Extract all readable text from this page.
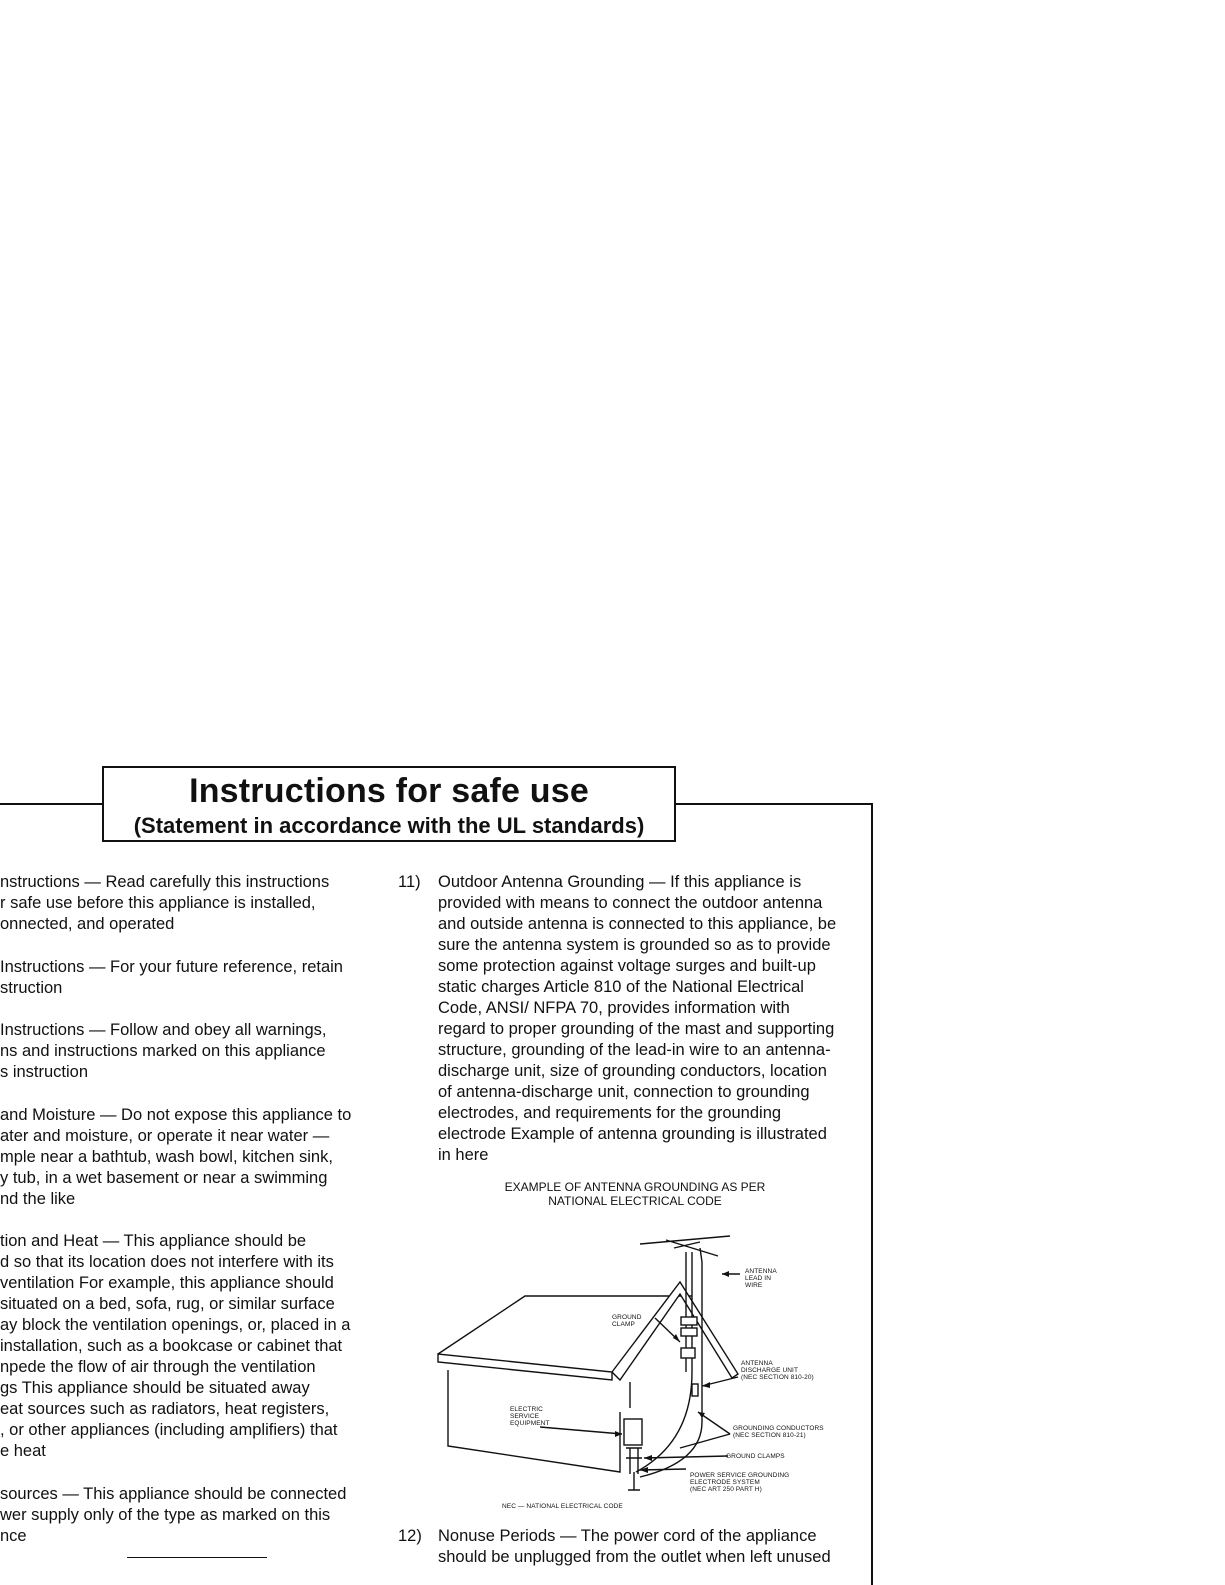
Instructions for safe use
(Statement in accordance with the UL standards)
nstructions — Read carefully this instructions
r safe use before this appliance is installed,
onnected, and operated
Instructions — For your future reference, retain
struction
Instructions — Follow and obey all warnings,
ns and instructions marked on this appliance
s instruction
and Moisture — Do not expose this appliance to
ater and moisture, or operate it near water —
mple near a bathtub, wash bowl, kitchen sink,
y tub, in a wet basement or near a swimming
nd the like
tion and Heat — This appliance should be
d so that its location does not interfere with its
ventilation For example, this appliance should
situated on a bed, sofa, rug, or similar surface
ay block the ventilation openings, or, placed in a
installation, such as a bookcase or cabinet that
npede the flow of air through the ventilation
gs This appliance should be situated away
eat sources such as radiators, heat registers,
, or other appliances (including amplifiers) that
e heat
sources — This appliance should be connected
wer supply only of the type as marked on this
nce
11) Outdoor Antenna Grounding — If this appliance is
provided with means to connect the outdoor antenna
and outside antenna is connected to this appliance, be
sure the antenna system is grounded so as to provide
some protection against voltage surges and built-up
static charges Article 810 of the National Electrical
Code, ANSI/ NFPA 70, provides information with
regard to proper grounding of the mast and supporting
structure, grounding of the lead-in wire to an antenna-
discharge unit, size of grounding conductors, location
of antenna-discharge unit, connection to grounding
electrodes, and requirements for the grounding
electrode Example of antenna grounding is illustrated
in here
EXAMPLE OF ANTENNA GROUNDING AS PER
NATIONAL ELECTRICAL CODE
ANTENNA
LEAD IN
WIRE
GROUND
CLAMP
ANTENNA
DISCHARGE UNIT
(NEC SECTION 810-20)
ELECTRIC
SERVICE
EQUIPMENT
GROUNDING CONDUCTORS
(NEC SECTION 810-21)
GROUND CLAMPS
POWER SERVICE GROUNDING
ELECTRODE SYSTEM
(NEC ART 250 PART H)
NEC — NATIONAL ELECTRICAL CODE
12) Nonuse Periods — The power cord of the appliance
should be unplugged from the outlet when left unused
